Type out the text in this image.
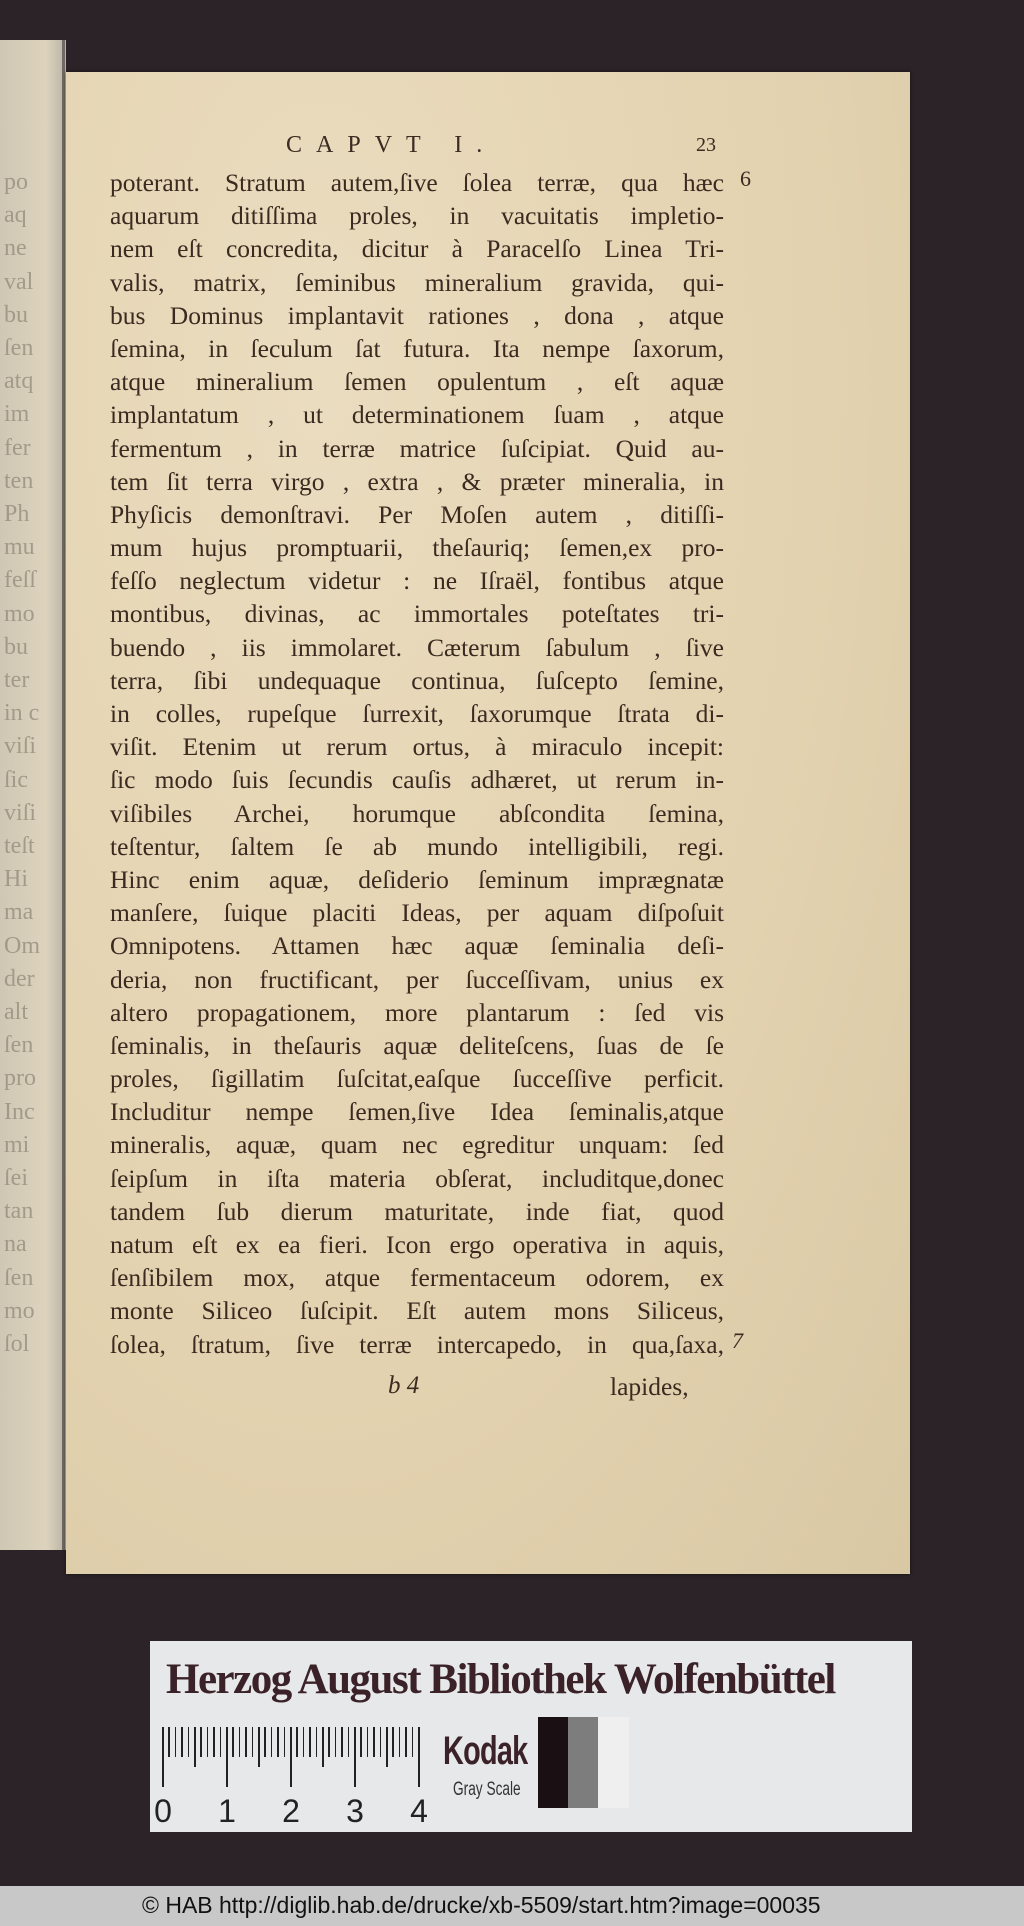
po
aq
ne
val
bu
ſen
atq
im
fer
ten
Ph
mu
feſſ
mo
bu
ter
in c
viſi
ſic
viſi
teſt
Hi
ma
Om
der
alt
ſen
pro
Inc
mi
ſei
tan
na
ſen
mo
ſol
CAPVT I.	23
6
7
poterant. Stratum autem,ſive ſolea terræ, qua hæc
aquarum ditiſſima proles, in vacuitatis impletio-
nem eſt concredita, dicitur à Paracelſo Linea Tri-
valis, matrix, ſeminibus mineralium gravida, qui-
bus Dominus implantavit rationes , dona , atque
ſemina, in ſeculum ſat futura. Ita nempe ſaxorum,
atque mineralium ſemen opulentum , eſt aquæ
implantatum , ut determinationem ſuam , atque
fermentum , in terræ matrice ſuſcipiat. Quid au-
tem ſit terra virgo , extra , & præter mineralia, in
Phyſicis demonſtravi. Per Moſen autem , ditiſſi-
mum hujus promptuarii, theſauriq; ſemen,ex pro-
feſſo neglectum videtur : ne Iſraël, fontibus atque
montibus, divinas, ac immortales poteſtates tri-
buendo , iis immolaret. Cæterum ſabulum , ſive
terra, ſibi undequaque continua, ſuſcepto ſemine,
in colles, rupeſque ſurrexit, ſaxorumque ſtrata di-
viſit. Etenim ut rerum ortus, à miraculo incepit:
ſic modo ſuis ſecundis cauſis adhæret, ut rerum in-
viſibiles Archei, horumque abſcondita ſemina,
teſtentur, ſaltem ſe ab mundo intelligibili, regi.
Hinc enim aquæ, deſiderio ſeminum imprægnatæ
manſere, ſuique placiti Ideas, per aquam diſpoſuit
Omnipotens. Attamen hæc aquæ ſeminalia deſi-
deria, non fructificant, per ſucceſſivam, unius ex
altero propagationem, more plantarum : ſed vis
ſeminalis, in theſauris aquæ deliteſcens, ſuas de ſe
proles, ſigillatim ſuſcitat,eaſque ſucceſſive perficit.
Includitur nempe ſemen,ſive Idea ſeminalis,atque
mineralis, aquæ, quam nec egreditur unquam: ſed
ſeipſum in iſta materia obſerat, includitque,donec
tandem ſub dierum maturitate, inde fiat, quod
natum eſt ex ea fieri. Icon ergo operativa in aquis,
ſenſibilem mox, atque fermentaceum odorem, ex
monte Siliceo ſuſcipit. Eſt autem mons Siliceus,
ſolea, ſtratum, ſive terræ intercapedo, in qua,ſaxa,
b 4	lapides,
Herzog August Bibliothek Wolfenbüttel
0 1 2 3 4
Kodak
Gray Scale
© HAB http://diglib.hab.de/drucke/xb-5509/start.htm?image=00035
